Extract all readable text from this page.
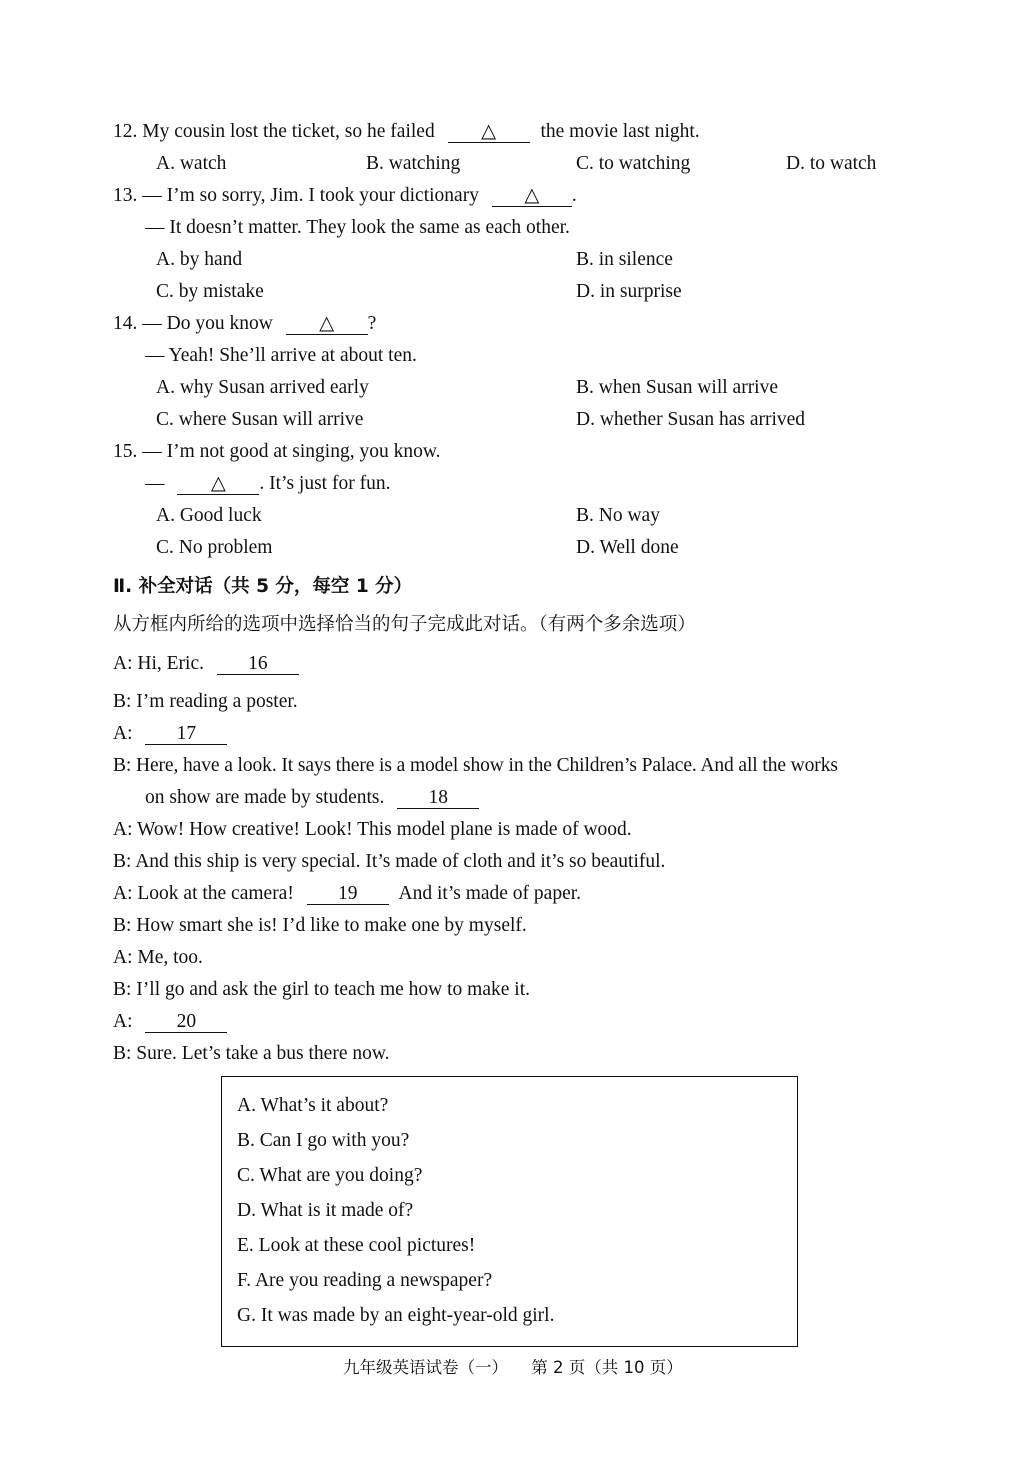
12. My cousin lost the ticket, so he failed △ the movie last night.
A. watch	B. watching	C. to watching	D. to watch
13. — I’m so sorry, Jim. I took your dictionary △ .
— It doesn’t matter. They look the same as each other.
A. by hand	B. in silence
C. by mistake	D. in surprise
14. — Do you know △ ?
— Yeah! She’ll arrive at about ten.
A. why Susan arrived early	B. when Susan will arrive
C. where Susan will arrive	D. whether Susan has arrived
15. — I’m not good at singing, you know.
— △ . It’s just for fun.
A. Good luck	B. No way
C. No problem	D. Well done
Ⅱ. 补全对话（共 5 分，每空 1 分）
从方框内所给的选项中选择恰当的句子完成此对话。（有两个多余选项）
A: Hi, Eric. 16
B: I’m reading a poster.
A: 17
B: Here, have a look. It says there is a model show in the Children’s Palace. And all the works
on show are made by students. 18
A: Wow! How creative! Look! This model plane is made of wood.
B: And this ship is very special. It’s made of cloth and it’s so beautiful.
A: Look at the camera! 19 And it’s made of paper.
B: How smart she is! I’d like to make one by myself.
A: Me, too.
B: I’ll go and ask the girl to teach me how to make it.
A: 20
B: Sure. Let’s take a bus there now.
A. What’s it about?
B. Can I go with you?
C. What are you doing?
D. What is it made of?
E. Look at these cool pictures!
F. Are you reading a newspaper?
G. It was made by an eight-year-old girl.
九年级英语试卷（一） 第 2 页（共 10 页）
